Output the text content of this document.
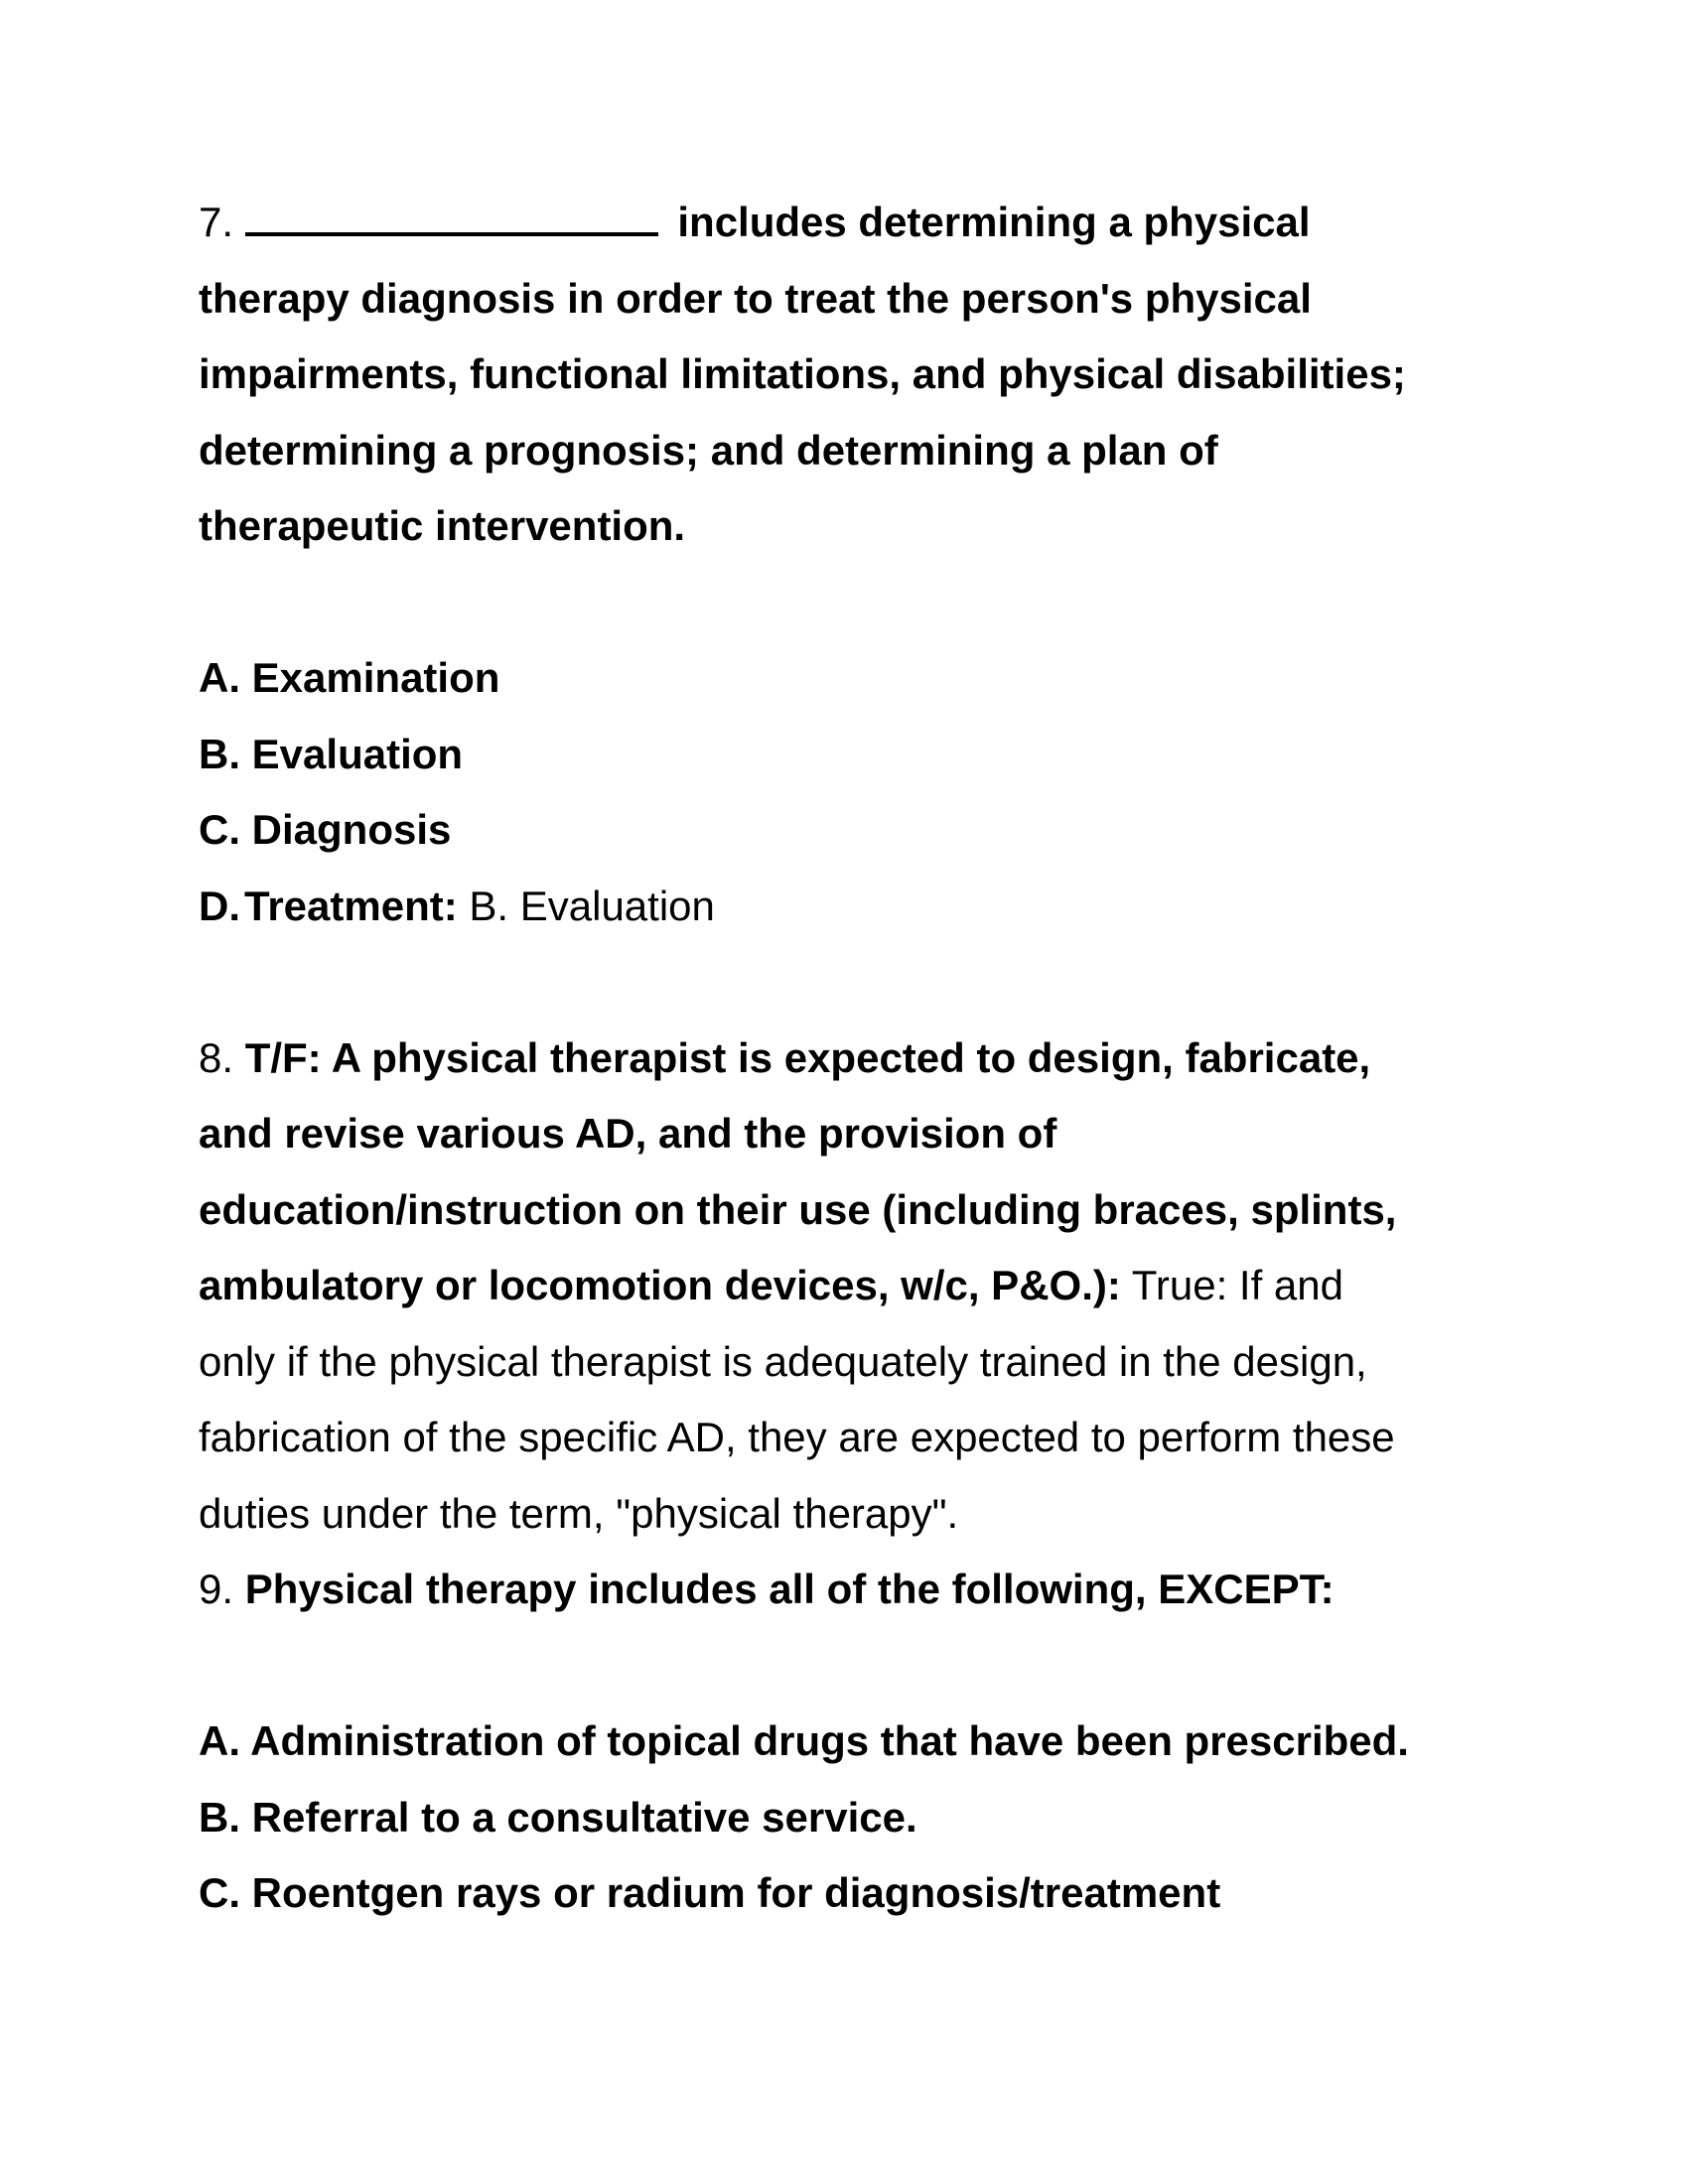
7.	includes determining a physical
therapy diagnosis in order to treat the person's physical
impairments, functional limitations, and physical disabilities;
determining a prognosis; and determining a plan of
therapeutic intervention.
A. Examination
B. Evaluation
C. Diagnosis
D.Treatment: B. Evaluation
8. T/F: A physical therapist is expected to design, fabricate,
and revise various AD, and the provision of
education/instruction on their use (including braces, splints,
ambulatory or locomotion devices, w/c, P&O.): True: If and
only if the physical therapist is adequately trained in the design,
fabrication of the specific AD, they are expected to perform these
duties under the term, "physical therapy".
9. Physical therapy includes all of the following, EXCEPT:
A. Administration of topical drugs that have been prescribed.
B. Referral to a consultative service.
C. Roentgen rays or radium for diagnosis/treatment
